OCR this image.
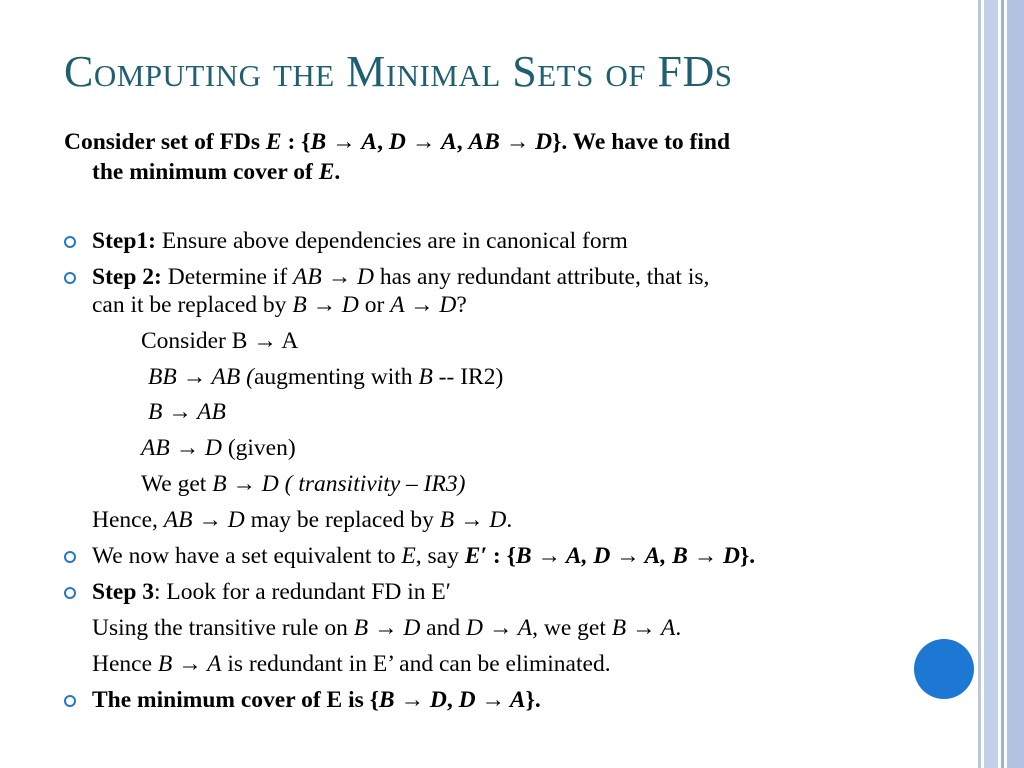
Computing the Minimal Sets of FDs
Consider set of FDs E : {B → A, D → A, AB → D}. We have to find
the minimum cover of E.
Step1: Ensure above dependencies are in canonical form
Step 2: Determine if AB → D has any redundant attribute, that is,
can it be replaced by B → D or A → D?
Consider B → A
BB → AB (augmenting with B -- IR2)
B → AB
AB → D (given)
We get B → D ( transitivity – IR3)
Hence, AB → D may be replaced by B → D.
We now have a set equivalent to E, say E′ : {B → A, D → A, B → D}.
Step 3: Look for a redundant FD in E′
Using the transitive rule on B → D and D → A, we get B → A.
Hence B → A is redundant in E’ and can be eliminated.
The minimum cover of E is {B → D, D → A}.
